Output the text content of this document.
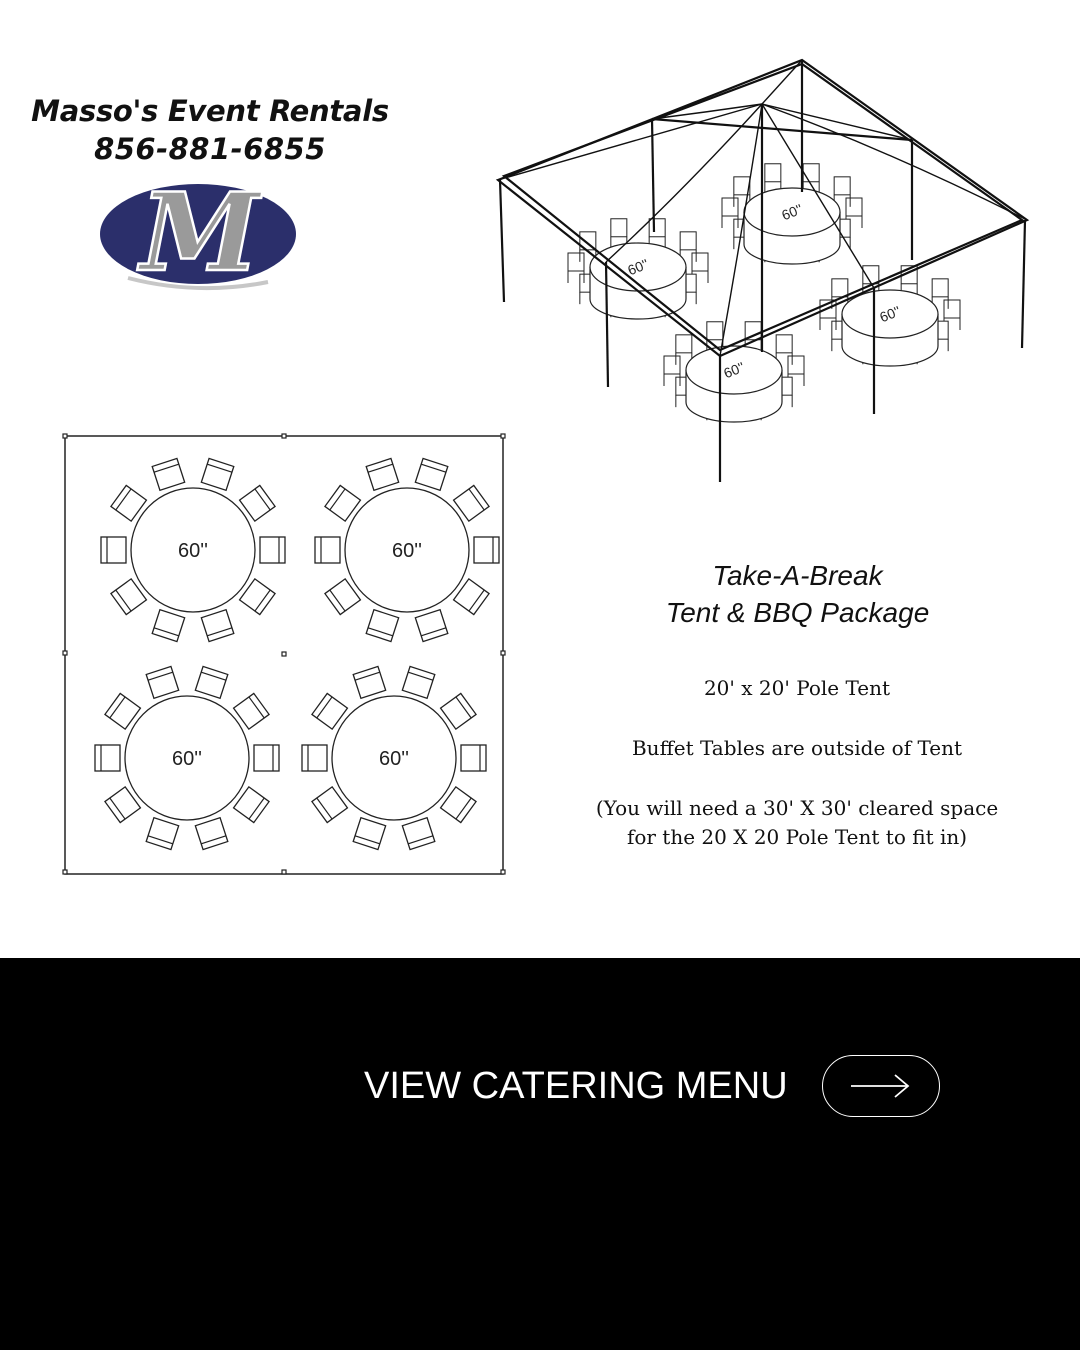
Masso's Event Rentals
856-881-6855
M	60''
60''
60''
60''
60''	60''
60''	60''
Take-A-Break
Tent & BBQ Package
20' x 20' Pole Tent
Buffet Tables are outside of Tent
(You will need a 30' X 30' cleared space
for the 20 X 20 Pole Tent to fit in)
VIEW CATERING MENU
